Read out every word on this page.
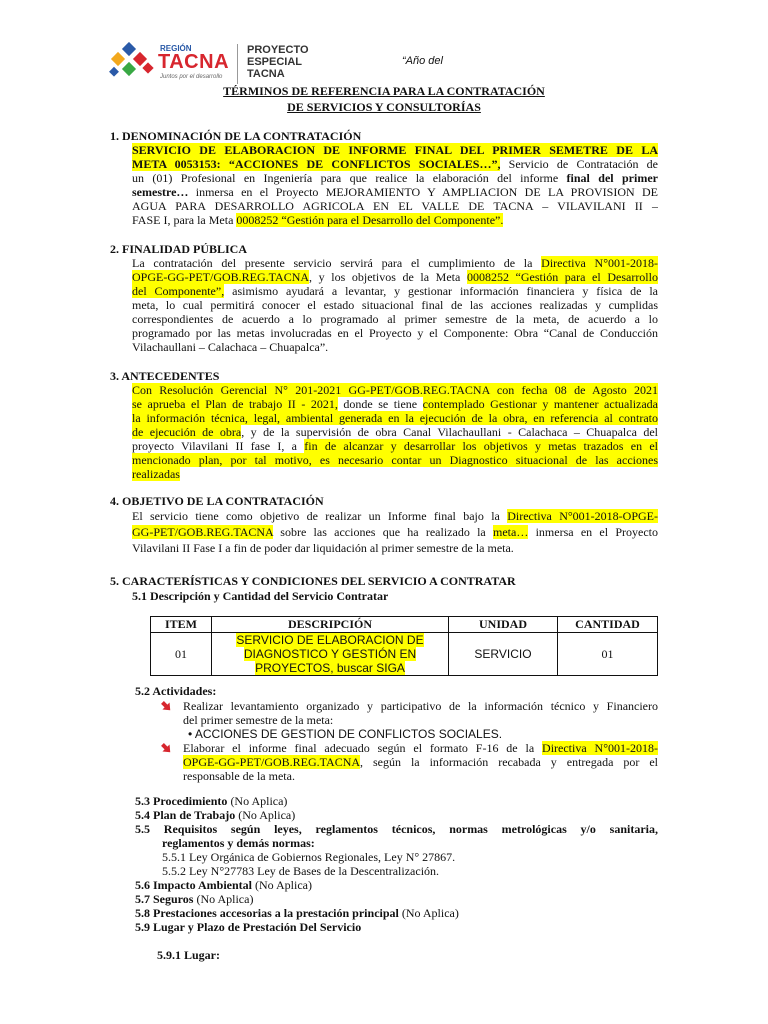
REGIÓN
TACNA
Juntos por el desarrollo
PROYECTO
ESPECIAL
TACNA
“Año del
TÉRMINOS DE REFERENCIA PARA LA CONTRATACIÓN
DE SERVICIOS Y CONSULTORÍAS
1. DENOMINACIÓN DE LA CONTRATACIÓN
SERVICIO DE ELABORACION DE INFORME FINAL DEL PRIMER SEMETRE DE LA
META 0053153: “ACCIONES DE CONFLICTOS SOCIALES…”, Servicio de Contratación de
un (01) Profesional en Ingeniería para que realice la elaboración del informe final del primer
semestre… inmersa en el Proyecto MEJORAMIENTO Y AMPLIACION DE LA PROVISION DE
AGUA PARA DESARROLLO AGRICOLA EN EL VALLE DE TACNA – VILAVILANI II –
FASE I, para la Meta 0008252 “Gestión para el Desarrollo del Componente”.
2. FINALIDAD PÚBLICA
La contratación del presente servicio servirá para el cumplimiento de la Directiva N°001-2018-
OPGE-GG-PET/GOB.REG.TACNA, y los objetivos de la Meta 0008252 “Gestión para el Desarrollo
del Componente”, asimismo ayudará a levantar, y gestionar información financiera y física de la
meta, lo cual permitirá conocer el estado situacional final de las acciones realizadas y cumplidas
correspondientes de acuerdo a lo programado al primer semestre de la meta, de acuerdo a lo
programado por las metas involucradas en el Proyecto y el Componente: Obra “Canal de Conducción
Vilachaullani – Calachaca – Chuapalca”.
3. ANTECEDENTES
Con Resolución Gerencial N° 201-2021 GG-PET/GOB.REG.TACNA con fecha 08 de Agosto 2021
se aprueba el Plan de trabajo II - 2021, donde se tiene contemplado Gestionar y mantener actualizada
la información técnica, legal, ambiental generada en la ejecución de la obra, en referencia al contrato
de ejecución de obra, y de la supervisión de obra Canal Vilachaullani - Calachaca – Chuapalca del
proyecto Vilavilani II fase I, a fin de alcanzar y desarrollar los objetivos y metas trazados en el
mencionado plan, por tal motivo, es necesario contar un Diagnostico situacional de las acciones
realizadas
4. OBJETIVO DE LA CONTRATACIÓN
El servicio tiene como objetivo de realizar un Informe final bajo la Directiva N°001-2018-OPGE-
GG-PET/GOB.REG.TACNA sobre las acciones que ha realizado la meta… inmersa en el Proyecto
Vilavilani II Fase I a fin de poder dar liquidación al primer semestre de la meta.
5. CARACTERÍSTICAS Y CONDICIONES DEL SERVICIO A CONTRATAR
5.1 Descripción y Cantidad del Servicio Contratar
ITEM	DESCRIPCIÓN	UNIDAD	CANTIDAD
01	SERVICIO DE ELABORACION DE
DIAGNOSTICO Y GESTIÓN EN
PROYECTOS, buscar SIGA	SERVICIO	01
5.2 Actividades:
Realizar levantamiento organizado y participativo de la información técnico y Financiero
del primer semestre de la meta:
• ACCIONES DE GESTION DE CONFLICTOS SOCIALES.
Elaborar el informe final adecuado según el formato F-16 de la Directiva N°001-2018-
OPGE-GG-PET/GOB.REG.TACNA, según la información recabada y entregada por el
responsable de la meta.
5.3 Procedimiento (No Aplica)
5.4 Plan de Trabajo (No Aplica)
5.5 Requisitos según leyes, reglamentos técnicos, normas metrológicas y/o sanitaria,
reglamentos y demás normas:
5.5.1 Ley Orgánica de Gobiernos Regionales, Ley N° 27867.
5.5.2 Ley N°27783 Ley de Bases de la Descentralización.
5.6 Impacto Ambiental (No Aplica)
5.7 Seguros (No Aplica)
5.8 Prestaciones accesorias a la prestación principal (No Aplica)
5.9 Lugar y Plazo de Prestación Del Servicio
5.9.1 Lugar:
